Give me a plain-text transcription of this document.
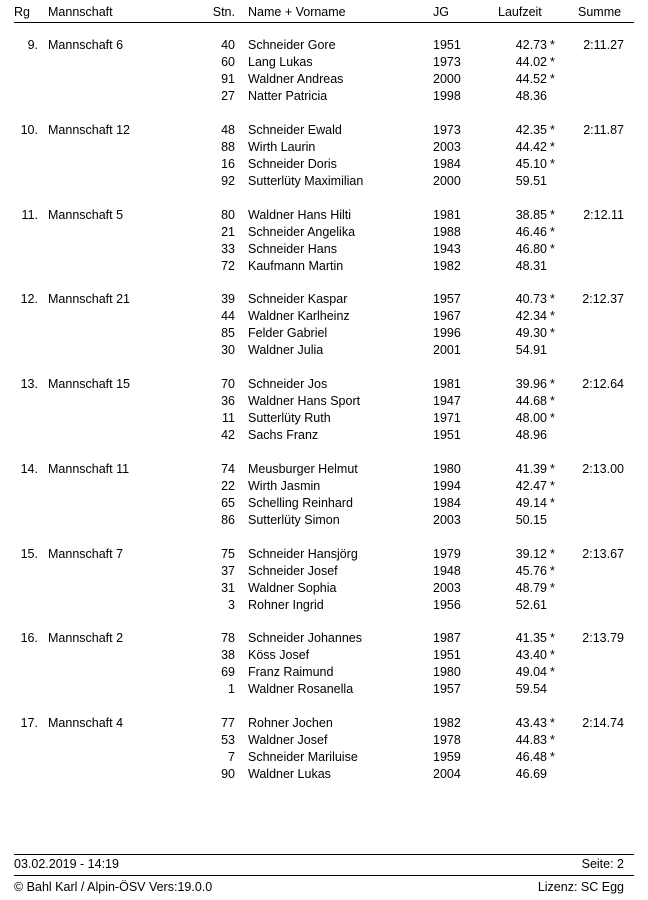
Rg Mannschaft	Stn. Name + Vorname	JG	Laufzeit	Summe
9. Mannschaft 6	2:11.27
40 Schneider Gore	1951	42.73 *
60 Lang Lukas	1973	44.02 *
91 Waldner Andreas	2000	44.52 *
27 Natter Patricia	1998	48.36
10. Mannschaft 12	2:11.87
48 Schneider Ewald	1973	42.35 *
88 Wirth Laurin	2003	44.42 *
16 Schneider Doris	1984	45.10 *
92 Sutterlüty Maximilian	2000	59.51
11. Mannschaft 5	2:12.11
80 Waldner Hans Hilti	1981	38.85 *
21 Schneider Angelika	1988	46.46 *
33 Schneider Hans	1943	46.80 *
72 Kaufmann Martin	1982	48.31
12. Mannschaft 21	2:12.37
39 Schneider Kaspar	1957	40.73 *
44 Waldner Karlheinz	1967	42.34 *
85 Felder Gabriel	1996	49.30 *
30 Waldner Julia	2001	54.91
13. Mannschaft 15	2:12.64
70 Schneider Jos	1981	39.96 *
36 Waldner Hans Sport	1947	44.68 *
11 Sutterlüty Ruth	1971	48.00 *
42 Sachs Franz	1951	48.96
14. Mannschaft 11	2:13.00
74 Meusburger Helmut	1980	41.39 *
22 Wirth Jasmin	1994	42.47 *
65 Schelling Reinhard	1984	49.14 *
86 Sutterlüty Simon	2003	50.15
15. Mannschaft 7	2:13.67
75 Schneider Hansjörg	1979	39.12 *
37 Schneider Josef	1948	45.76 *
31 Waldner Sophia	2003	48.79 *
3 Rohner Ingrid	1956	52.61
16. Mannschaft 2	2:13.79
78 Schneider Johannes	1987	41.35 *
38 Köss Josef	1951	43.40 *
69 Franz Raimund	1980	49.04 *
1 Waldner Rosanella	1957	59.54
17. Mannschaft 4	2:14.74
77 Rohner Jochen	1982	43.43 *
53 Waldner Josef	1978	44.83 *
7 Schneider Mariluise	1959	46.48 *
90 Waldner Lukas	2004	46.69
03.02.2019 - 14:19	Seite: 2
© Bahl Karl / Alpin-ÖSV Vers:19.0.0	Lizenz: SC Egg
